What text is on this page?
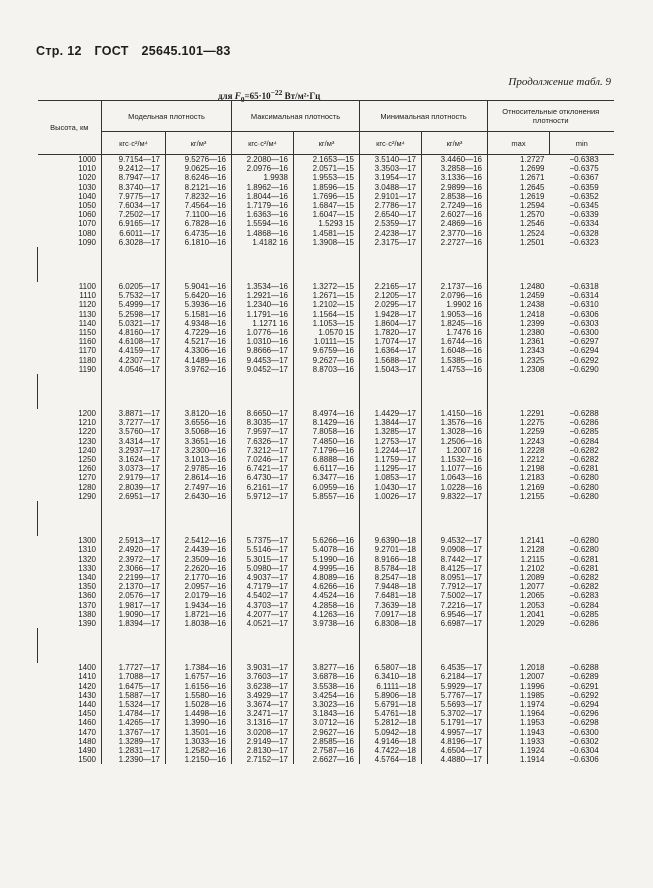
Стр. 12 ГОСТ 25645.101—83
Продолжение табл. 9
для $F_0=65\cdot 10^{-22}$ Вт/м²·Гц
Высота, км	Модельная плотность		Максимальная плотность		Минимальная плотность		Относительные отклонения плотности	
	кгс·с²/м⁴	кг/м³	кгс·с²/м⁴	кг/м³	кгс·с²/м⁴	кг/м³	max	min
1000	9.7154—17	9.5276—16	2.2080—16	2.1653—15	3.5140—17	3.4460—16	1.2727	−0.6383
1010	9.2412—17	9.0625—16	2.0976—16	2.0571—15	3.3503—17	3.2858—16	1.2699	−0.6375
1020	8.7947—17	8.6246—16	1.9938	1.9553—15	3.1954—17	3.1336—16	1.2671	−0.6367
1030	8.3740—17	8.2121—16	1.8962—16	1.8596—15	3.0488—17	2.9899—16	1.2645	−0.6359
1040	7.9775—17	7.8232—16	1.8044—16	1.7696—15	2.9101—17	2.8538—16	1.2619	−0.6352
1050	7.6034—17	7.4564—16	1.7179—16	1.6847—15	2.7786—17	2.7249—16	1.2594	−0.6345
1060	7.2502—17	7.1100—16	1.6363—16	1.6047—15	2.6540—17	2.6027—16	1.2570	−0.6339
1070	6.9165—17	6.7828—16	1.5594—16	1.5293 15	2.5359—17	2.4869—16	1.2546	−0.6334
1080	6.6011—17	6.4735—16	1.4868—16	1.4581—15	2.4238—17	2.3770—16	1.2524	−0.6328
1090	6.3028—17	6.1810—16	1.4182 16	1.3908—15	2.3175—17	2.2727—16	1.2501	−0.6323

1100	6.0205—17	5.9041—16	1.3534—16	1.3272—15	2.2165—17	2.1737—16	1.2480	−0.6318
1110	5.7532—17	5.6420—16	1.2921—16	1.2671—15	2.1205—17	2.0796—16	1.2459	−0.6314
1120	5.4999—17	5.3936—16	1.2340—16	1.2102—15	2.0295—17	1.9902 16	1.2438	−0.6310
1130	5.2598—17	5.1581—16	1.1791—16	1.1564—15	1.9428—17	1.9053—16	1.2418	−0.6306
1140	5.0321—17	4.9348—16	1.1271 16	1.1053—15	1.8604—17	1.8245—16	1.2399	−0.6303
1150	4.8160—17	4.7229—16	1.0776—16	1.0570 15	1.7820—17	1.7476 16	1.2380	−0.6300
1160	4.6108—17	4.5217—16	1.0310—16	1.0111—15	1.7074—17	1.6744—16	1.2361	−0.6297
1170	4.4159—17	4.3306—16	9.8666—17	9.6759—16	1.6364—17	1.6048—16	1.2343	−0.6294
1180	4.2307—17	4.1489—16	9.4453—17	9.2627—16	1.5688—17	1.5385—16	1.2325	−0.6292
1190	4.0546—17	3.9762—16	9.0452—17	8.8703—16	1.5043—17	1.4753—16	1.2308	−0.6290

1200	3.8871—17	3.8120—16	8.6650—17	8.4974—16	1.4429—17	1.4150—16	1.2291	−0.6288
1210	3.7277—17	3.6556—16	8.3035—17	8.1429—16	1.3844—17	1.3576—16	1.2275	−0.6286
1220	3.5760—17	3.5068—16	7.9597—17	7.8058—16	1.3285—17	1.3028—16	1.2259	−0.6285
1230	3.4314—17	3.3651—16	7.6326—17	7.4850—16	1.2753—17	1.2506—16	1.2243	−0.6284
1240	3.2937—17	3.2300—16	7.3212—17	7.1796—16	1.2244—17	1.2007 16	1.2228	−0.6282
1250	3.1624—17	3.1013—16	7.0246—17	6.8888—16	1.1759—17	1.1532—16	1.2212	−0.6282
1260	3.0373—17	2.9785—16	6.7421—17	6.6117—16	1.1295—17	1.1077—16	1.2198	−0.6281
1270	2.9179—17	2.8614—16	6.4730—17	6.3477—16	1.0853—17	1.0643—16	1.2183	−0.6280
1280	2.8039—17	2.7497—16	6.2161—17	6.0959—16	1.0430—17	1.0228—16	1.2169	−0.6280
1290	2.6951—17	2.6430—16	5.9712—17	5.8557—16	1.0026—17	9.8322—17	1.2155	−0.6280

1300	2.5913—17	2.5412—16	5.7375—17	5.6266—16	9.6390—18	9.4532—17	1.2141	−0.6280
1310	2.4920—17	2.4439—16	5.5146—17	5.4078—16	9.2701—18	9.0908—17	1.2128	−0.6280
1320	2.3972—17	2.3509—16	5.3015—17	5.1990—16	8.9166—18	8.7442—17	1.2115	−0.6281
1330	2.3066—17	2.2620—16	5.0980—17	4.9995—16	8.5784—18	8.4125—17	1.2102	−0.6281
1340	2.2199—17	2.1770—16	4.9037—17	4.8089—16	8.2547—18	8.0951—17	1.2089	−0.6282
1350	2.1370—17	2.0957—16	4.7179—17	4.6266—16	7.9448—18	7.7912—17	1.2077	−0.6282
1360	2.0576—17	2.0179—16	4.5402—17	4.4524—16	7.6481—18	7.5002—17	1.2065	−0.6283
1370	1.9817—17	1.9434—16	4.3703—17	4.2858—16	7.3639—18	7.2216—17	1.2053	−0.6284
1380	1.9090—17	1.8721—16	4.2077—17	4.1263—16	7.0917—18	6.9546—17	1.2041	−0.6285
1390	1.8394—17	1.8038—16	4.0521—17	3.9738—16	6.8308—18	6.6987—17	1.2029	−0.6286

1400	1.7727—17	1.7384—16	3.9031—17	3.8277—16	6.5807—18	6.4535—17	1.2018	−0.6288
1410	1.7088—17	1.6757—16	3.7603—17	3.6878—16	6.3410—18	6.2184—17	1.2007	−0.6289
1420	1.6475—17	1.6156—16	3.6238—17	3.5538—16	6.1111—18	5.9929—17	1.1996	−0.6291
1430	1.5887—17	1.5580—16	3.4929—17	3.4254—16	5.8906—18	5.7767—17	1.1985	−0.6292
1440	1.5324—17	1.5028—16	3.3674—17	3.3023—16	5.6791—18	5.5693—17	1.1974	−0.6294
1450	1.4784—17	1.4498—16	3.2471—17	3.1843—16	5.4761—18	5.3702—17	1.1964	−0.6296
1460	1.4265—17	1.3990—16	3.1316—17	3.0712—16	5.2812—18	5.1791—17	1.1953	−0.6298
1470	1.3767—17	1.3501—16	3.0208—17	2.9627—16	5.0942—18	4.9957—17	1.1943	−0.6300
1480	1.3289—17	1.3033—16	2.9149—17	2.8585—16	4.9146—18	4.8196—17	1.1933	−0.6302
1490	1.2831—17	1.2582—16	2.8130—17	2.7587—16	4.7422—18	4.6504—17	1.1924	−0.6304
1500	1.2390—17	1.2150—16	2.7152—17	2.6627—16	4.5764—18	4.4880—17	1.1914	−0.6306
